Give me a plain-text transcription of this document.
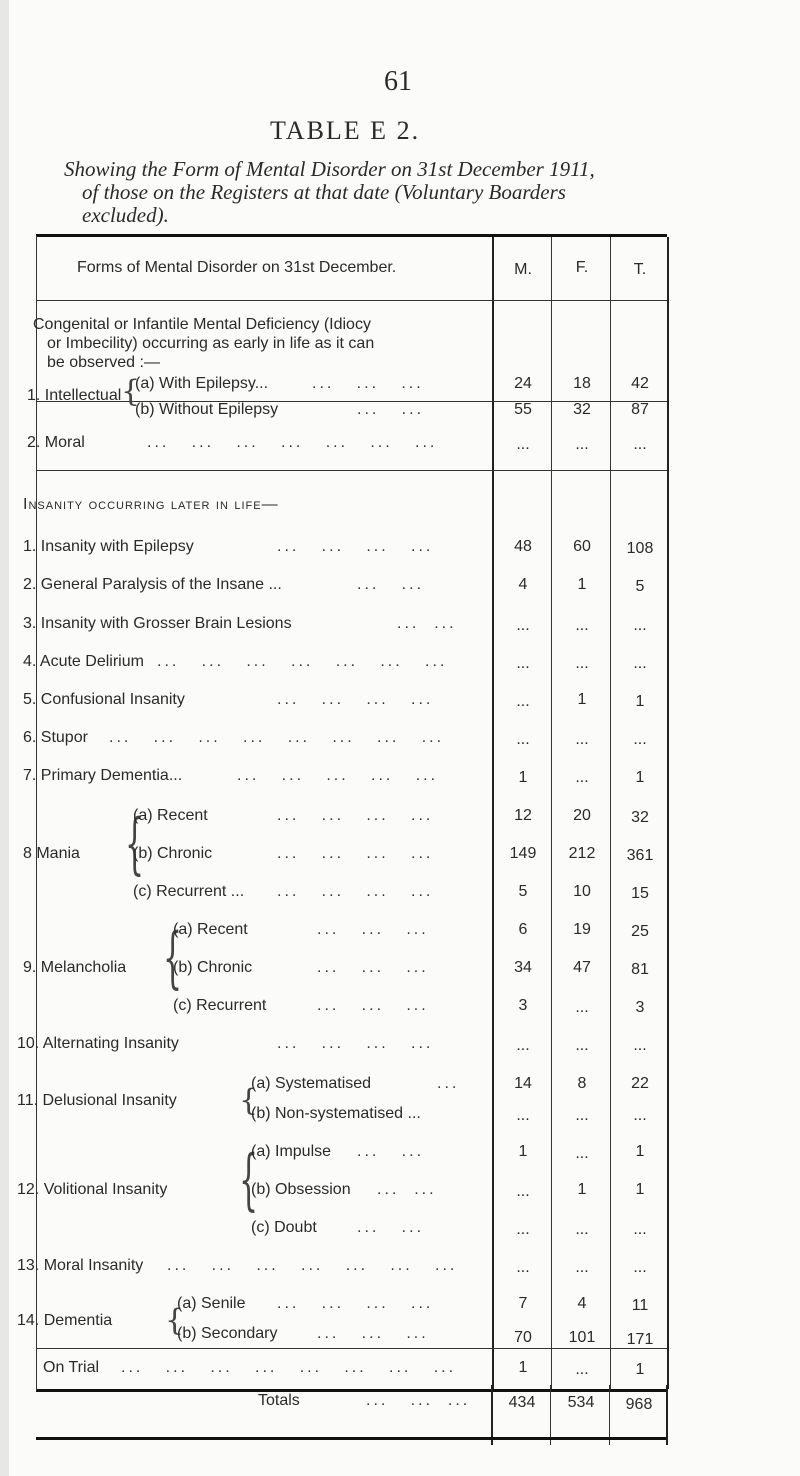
61
TABLE E 2.
Showing the Form of Mental Disorder on 31st December 1911,
of those on the Registers at that date (Voluntary Boarders
excluded).
Forms of Mental Disorder on 31st December.	M.	F.	T.
Congenital or Infantile Mental Deficiency (Idiocy
or Imbecility) occurring as early in life as it can
be observed :—
1. Intellectual {
(a) With Epilepsy...	...   ...   ...	24	18	42
(b) Without Epilepsy	...   ...	55	32	87
2. Moral	...   ...   ...   ...   ...   ...   ...	...	...	...
Insanity occurring later in life—
1. Insanity with Epilepsy	...   ...   ...   ...	48	60	108
2. General Paralysis of the Insane ...	...   ...	4	1	5
3. Insanity with Grosser Brain Lesions	...  ...	...	...	...
4. Acute Delirium ...   ...   ...   ...   ...   ...   ...	...	...	...
5. Confusional Insanity	...   ...   ...   ...	...	1	1
6. Stupor ...   ...   ...   ...   ...   ...   ...   ...	...	...	...
7. Primary Dementia...	...   ...   ...   ...   ...	1	...	1
8 Mania {
(a) Recent	...   ...   ...   ...	12	20	32
(b) Chronic	...   ...   ...   ...	149	212	361
(c) Recurrent ... ...   ...   ...   ...	5	10	15
9. Melancholia {
(a) Recent	...   ...   ...	6	19	25
(b) Chronic	...   ...   ...	34	47	81
(c) Recurrent	...   ...   ...	3	...	3
10. Alternating Insanity	...   ...   ...   ...	...	...	...
11. Delusional Insanity {
(a) Systematised	...	14	8	22
(b) Non-systematised ...	...	...	...
12. Volitional Insanity {
(a) Impulse ...   ...	1	...	1
(b) Obsession ...  ...	...	1	1
(c) Doubt	...   ...	...	...	...
13. Moral Insanity ...   ...   ...   ...   ...   ...   ...	...	...	...
14. Dementia {
(a) Senile ...   ...   ...   ...	7	4	11
(b) Secondary ...   ...   ...	70	101	171
On Trial ...   ...   ...   ...   ...   ...   ...   ...	1	...	1
Totals	...   ...  ...	434	534	968
